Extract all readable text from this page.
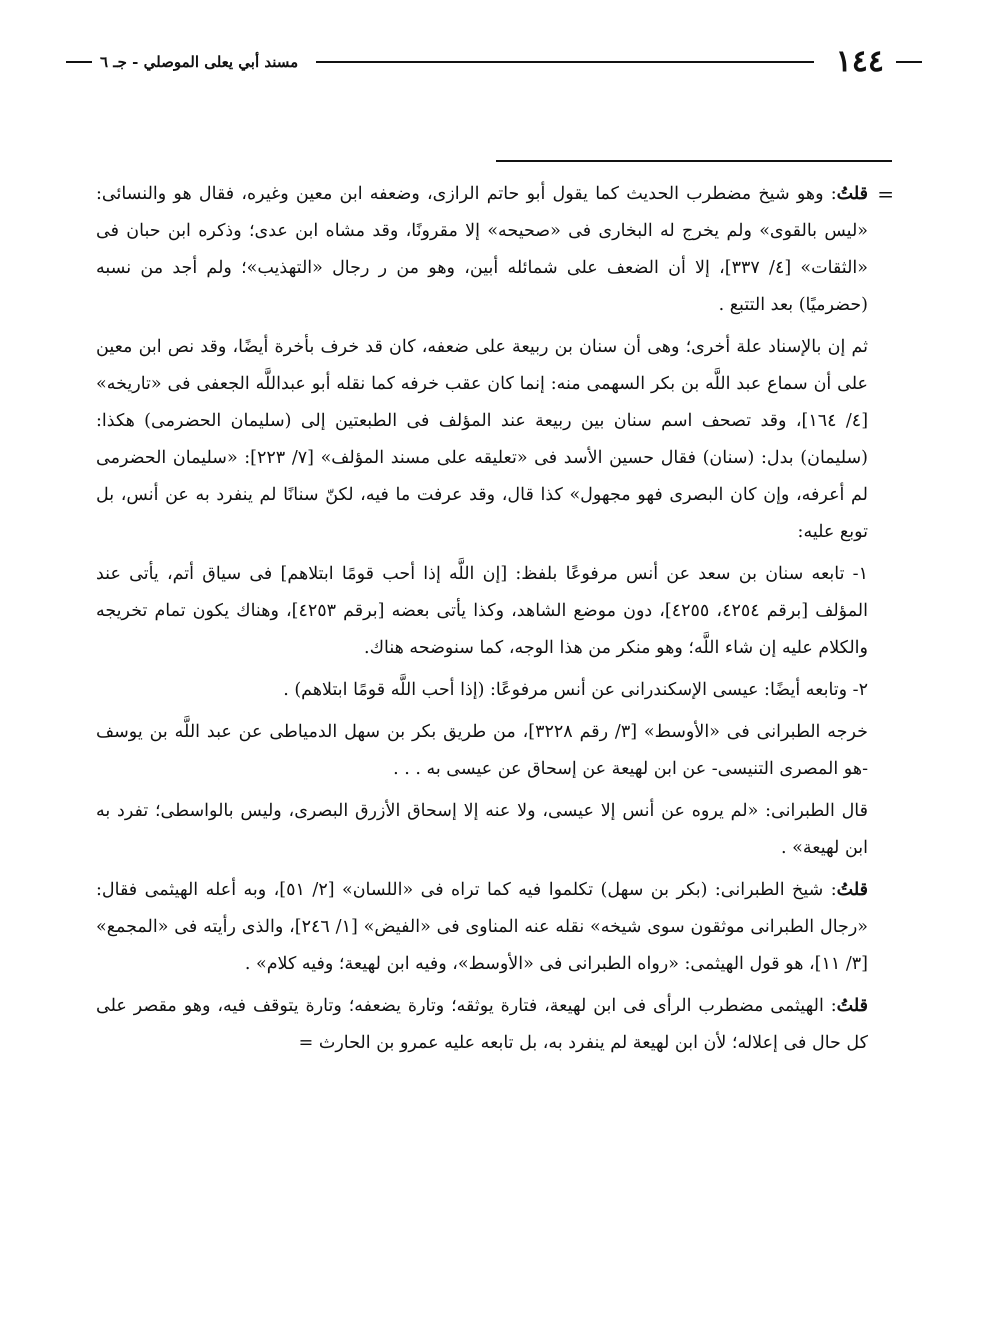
١٤٤
مسند أبي يعلى الموصلي - جـ ٦
=

قلتُ: وهو شيخ مضطرب الحديث كما يقول أبو حاتم الرازى، وضعفه ابن معين وغيره، فقال هو والنسائى: «ليس بالقوى» ولم يخرج له البخارى فى «صحيحه» إلا مقرونًا، وقد مشاه ابن عدى؛ وذكره ابن حبان فى «الثقات» [٤/ ٣٣٧]، إلا أن الضعف على شمائله أبين، وهو من ر رجال «التهذيب»؛ ولم أجد من نسبه (حضرميًا) بعد التتبع .

ثم إن بالإسناد علة أخرى؛ وهى أن سنان بن ربيعة على ضعفه، كان قد خرف بأخرة أيضًا، وقد نص ابن معين على أن سماع عبد اللَّه بن بكر السهمى منه: إنما كان عقب خرفه كما نقله أبو عبداللَّه الجعفى فى «تاريخه» [٤/ ١٦٤]، وقد تصحف اسم سنان بين ربيعة عند المؤلف فى الطبعتين إلى (سليمان الحضرمى) هكذا: (سليمان) بدل: (سنان) فقال حسين الأسد فى «تعليقه على مسند المؤلف» [٧/ ٢٢٣]: «سليمان الحضرمى لم أعرفه، وإن كان البصرى فهو مجهول» كذا قال، وقد عرفت ما فيه، لكنّ سنانًا لم ينفرد به عن أنس، بل توبع عليه:

١- تابعه سنان بن سعد عن أنس مرفوعًا بلفظ: [إن اللَّه إذا أحب قومًا ابتلاهم] فى سياق أتم، يأتى عند المؤلف [برقم ٤٢٥٤، ٤٢٥٥]، دون موضع الشاهد، وكذا يأتى بعضه [برقم ٤٢٥٣]، وهناك يكون تمام تخريجه والكلام عليه إن شاء اللَّه؛ وهو منكر من هذا الوجه، كما سنوضحه هناك.

٢- وتابعه أيضًا: عيسى الإسكندرانى عن أنس مرفوعًا: (إذا أحب اللَّه قومًا ابتلاهم) .

خرجه الطبرانى فى «الأوسط» [٣/ رقم ٣٢٢٨]، من طريق بكر بن سهل الدمياطى عن عبد اللَّه بن يوسف -هو المصرى التنيسى- عن ابن لهيعة عن إسحاق عن عيسى به . . .

قال الطبرانى: «لم يروه عن أنس إلا عيسى، ولا عنه إلا إسحاق الأزرق البصرى، وليس بالواسطى؛ تفرد به ابن لهيعة» .

قلتُ: شيخ الطبرانى: (بكر بن سهل) تكلموا فيه كما تراه فى «اللسان» [٢/ ٥١]، وبه أعله الهيثمى فقال: «رجال الطبرانى موثقون سوى شيخه» نقله عنه المناوى فى «الفيض» [١/ ٢٤٦]، والذى رأيته فى «المجمع» [٣/ ١١]، هو قول الهيثمى: «رواه الطبرانى فى «الأوسط»، وفيه ابن لهيعة؛ وفيه كلام» .

قلتُ: الهيثمى مضطرب الرأى فى ابن لهيعة، فتارة يوثقه؛ وتارة يضعفه؛ وتارة يتوقف فيه، وهو مقصر على كل حال فى إعلاله؛ لأن ابن لهيعة لم ينفرد به، بل تابعه عليه عمرو بن الحارث =
